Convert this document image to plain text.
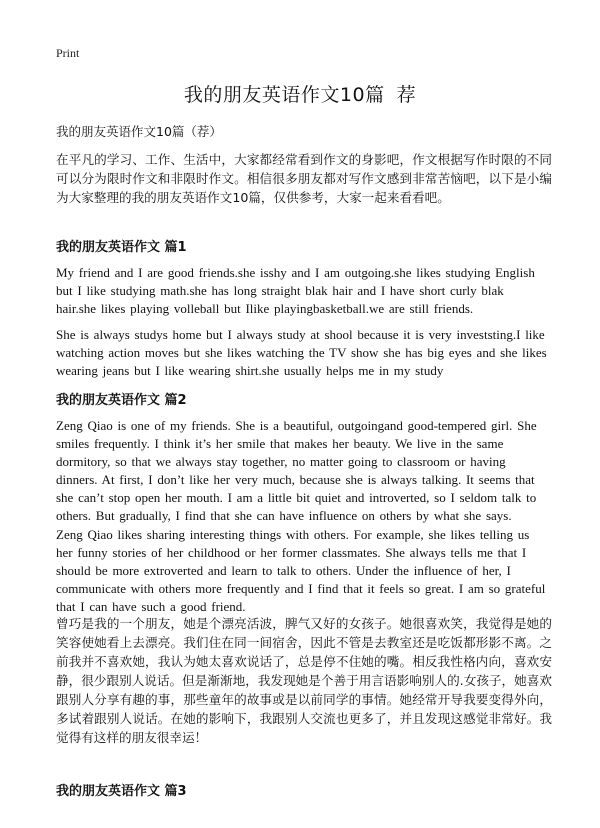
Print
我的朋友英语作文10篇 荐
我的朋友英语作文10篇（荐）

在平凡的学习、工作、生活中，大家都经常看到作文的身影吧，作文根据写作时限的不同可以分为限时作文和非限时作文。相信很多朋友都对写作文感到非常苦恼吧，以下是小编为大家整理的我的朋友英语作文10篇，仅供参考，大家一起来看看吧。

我的朋友英语作文 篇1

My friend and I are good friends.she isshy and I am outgoing.she likes studying English but I like studying math.she has long straight blak hair and I have short curly blak hair.she likes playing volleball but Ilike playingbasketball.we are still friends.

She is always studys home but I always study at shool because it is very investsting.I like watching action moves but she likes watching the TV show she has big eyes and she likes wearing jeans but I like wearing shirt.she usually helps me in my study

我的朋友英语作文 篇2

Zeng Qiao is one of my friends. She is a beautiful, outgoingand good-tempered girl. She smiles frequently. I think it’s her smile that makes her beauty. We live in the same dormitory, so that we always stay together, no matter going to classroom or having dinners. At first, I don’t like her very much, because she is always talking. It seems that she can’t stop open her mouth. I am a little bit quiet and introverted, so I seldom talk to others. But gradually, I find that she can have influence on others by what she says.

Zeng Qiao likes sharing interesting things with others. For example, she likes telling us her funny stories of her childhood or her former classmates. She always tells me that I should be more extroverted and learn to talk to others. Under the influence of her, I communicate with others more frequently and I find that it feels so great. I am so grateful that I can have such a good friend.

曾巧是我的一个朋友，她是个漂亮活波，脾气又好的女孩子。她很喜欢笑，我觉得是她的笑容使她看上去漂亮。我们住在同一间宿舍，因此不管是去教室还是吃饭都形影不离。之前我并不喜欢她，我认为她太喜欢说话了，总是停不住她的嘴。相反我性格内向，喜欢安静，很少跟别人说话。但是渐渐地，我发现她是个善于用言语影响别人的.女孩子，她喜欢跟别人分享有趣的事，那些童年的故事或是以前同学的事情。她经常开导我要变得外向，多试着跟别人说话。在她的影响下，我跟别人交流也更多了，并且发现这感觉非常好。我觉得有这样的朋友很幸运！

我的朋友英语作文 篇3
